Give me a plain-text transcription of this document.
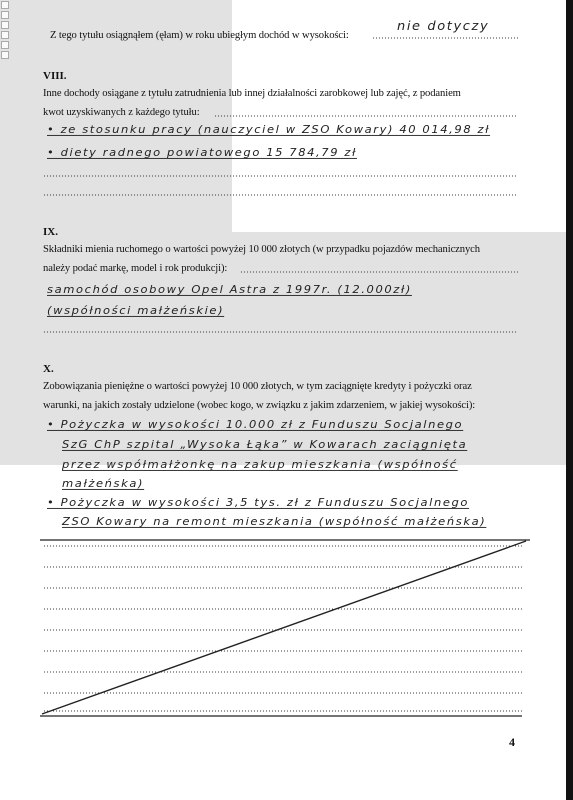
Z tego tytułu osiągnąłem (ęłam) w roku ubiegłym dochód w wysokości:
nie dotyczy
VIII.
Inne dochody osiągane z tytułu zatrudnienia lub innej działalności zarobkowej lub zajęć, z podaniem
kwot uzyskiwanych z każdego tytułu:
• ze stosunku pracy (nauczyciel w ZSO Kowary) 40 014,98 zł
• diety radnego powiatowego 15 784,79 zł
IX.
Składniki mienia ruchomego o wartości powyżej 10 000 złotych (w przypadku pojazdów mechanicznych
należy podać markę, model i rok produkcji):
samochód osobowy Opel Astra z 1997r. (12.000zł)
(współności małżeńskie)
X.
Zobowiązania pieniężne o wartości powyżej 10 000 złotych, w tym zaciągnięte kredyty i pożyczki oraz
warunki, na jakich zostały udzielone (wobec kogo, w związku z jakim zdarzeniem, w jakiej wysokości):
• Pożyczka w wysokości 10.000 zł z Funduszu Socjalnego
SzG ChP szpital „Wysoka Łąka” w Kowarach zaciągnięta
przez współmałżonkę na zakup mieszkania (współność
małżeńska)
• Pożyczka w wysokości 3,5 tys. zł z Funduszu Socjalnego
ZSO Kowary na remont mieszkania (współność małżeńska)
4
